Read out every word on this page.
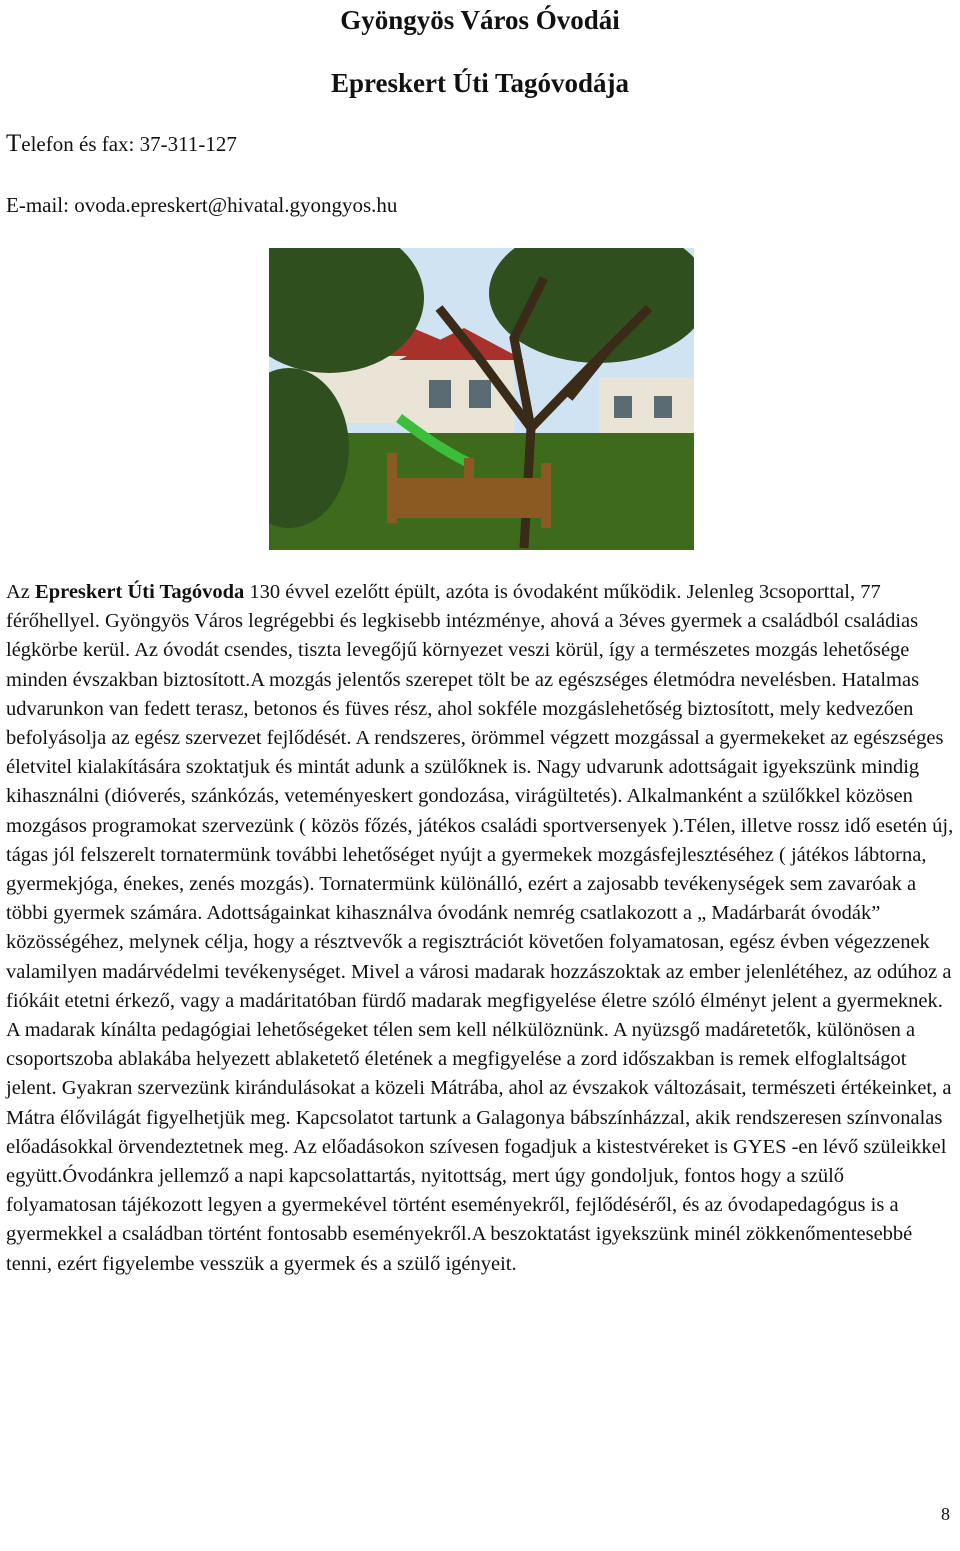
Gyöngyös Város Óvodái
Epreskert Úti Tagóvodája
Telefon és fax: 37-311-127
E-mail: ovoda.epreskert@hivatal.gyongyos.hu

Az Epreskert Úti Tagóvoda 130 évvel ezelőtt épült, azóta is óvodaként működik. Jelenleg 3csoporttal, 77 férőhellyel. Gyöngyös Város legrégebbi és legkisebb intézménye, ahová a 3éves gyermek a családból családias légkörbe kerül. Az óvodát csendes, tiszta levegőjű környezet veszi körül, így a természetes mozgás lehetősége minden évszakban biztosított.A mozgás jelentős szerepet tölt be az egészséges életmódra nevelésben. Hatalmas udvarunkon van fedett terasz, betonos és füves rész, ahol sokféle mozgáslehetőség biztosított, mely kedvezően befolyásolja az egész szervezet fejlődését. A rendszeres, örömmel végzett mozgással a gyermekeket az egészséges életvitel kialakítására szoktatjuk és mintát adunk a szülőknek is. Nagy udvarunk adottságait igyekszünk mindig kihasználni (dióverés, szánkózás, veteményeskert gondozása, virágültetés). Alkalmanként a szülőkkel közösen mozgásos programokat szervezünk ( közös főzés, játékos családi sportversenyek ).Télen, illetve rossz idő esetén új, tágas jól felszerelt tornatermünk további lehetőséget nyújt a gyermekek mozgásfejlesztéséhez ( játékos lábtorna, gyermekjóga, énekes, zenés mozgás). Tornatermünk különálló, ezért a zajosabb tevékenységek sem zavaróak a többi gyermek számára. Adottságainkat kihasználva óvodánk nemrég csatlakozott a „ Madárbarát óvodák” közösségéhez, melynek célja, hogy a résztvevők a regisztrációt követően folyamatosan, egész évben végezzenek valamilyen madárvédelmi tevékenységet. Mivel a városi madarak hozzászoktak az ember jelenlétéhez, az odúhoz a fiókáit etetni érkező, vagy a madáritatóban fürdő madarak megfigyelése életre szóló élményt jelent a gyermeknek. A madarak kínálta pedagógiai lehetőségeket télen sem kell nélkülöznünk. A nyüzsgő madáretetők, különösen a csoportszoba ablakába helyezett ablaketető életének a megfigyelése a zord időszakban is remek elfoglaltságot jelent. Gyakran szervezünk kirándulásokat a közeli Mátrába, ahol az évszakok változásait, természeti értékeinket, a Mátra élővilágát figyelhetjük meg. Kapcsolatot tartunk a Galagonya bábszínházzal, akik rendszeresen színvonalas előadásokkal örvendeztetnek meg. Az előadásokon szívesen fogadjuk a kistestvéreket is GYES -en lévő szüleikkel együtt.Óvodánkra jellemző a napi kapcsolattartás, nyitottság, mert úgy gondoljuk, fontos hogy a szülő folyamatosan tájékozott legyen a gyermekével történt eseményekről, fejlődéséről, és az óvodapedagógus is a gyermekkel a családban történt fontosabb eseményekről.A beszoktatást igyekszünk minél zökkenőmentesebbé tenni, ezért figyelembe vesszük a gyermek és a szülő igényeit.

8
